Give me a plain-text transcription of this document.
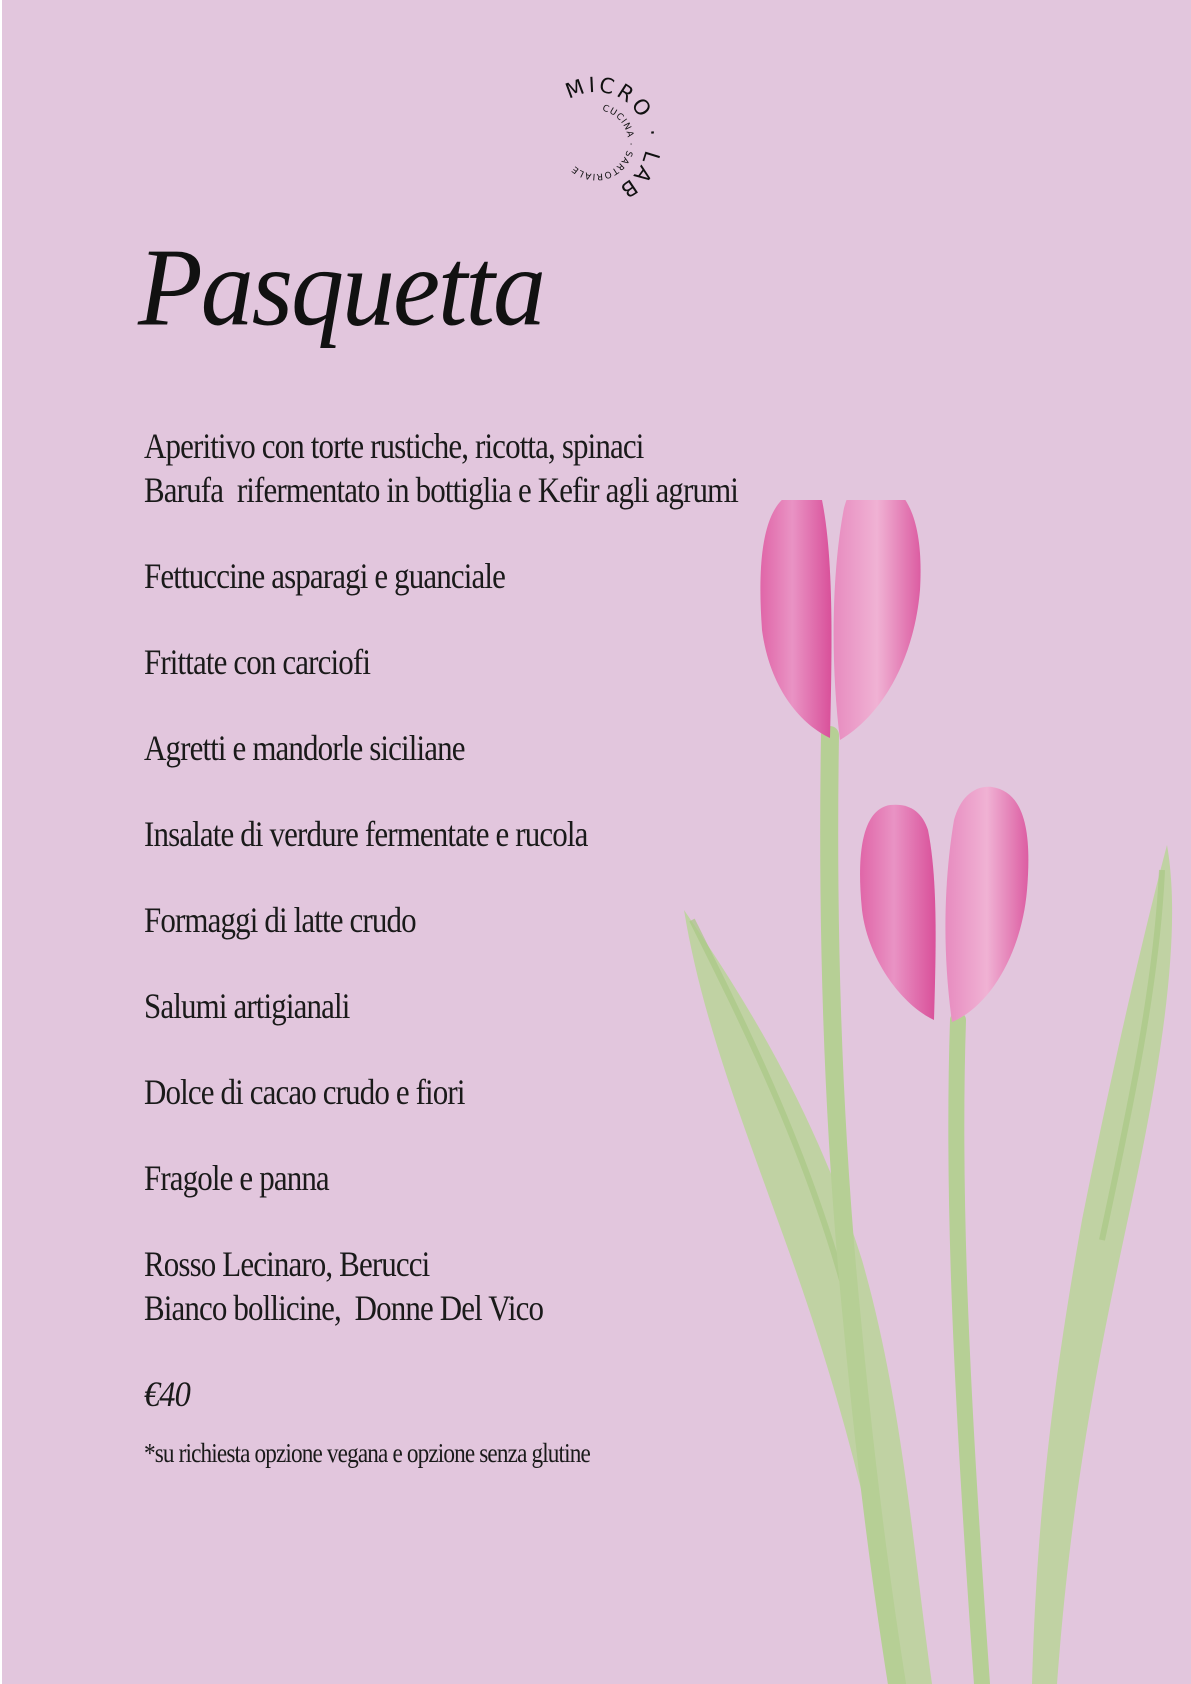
MICRO · LAB
CUCINA · SARTORIALE
Pasquetta
Aperitivo con torte rustiche, ricotta, spinaci
Barufa  rifermentato in bottiglia e Kefir agli agrumi
Fettuccine asparagi e guanciale
Frittate con carciofi
Agretti e mandorle siciliane
Insalate di verdure fermentate e rucola
Formaggi di latte crudo
Salumi artigianali
Dolce di cacao crudo e fiori
Fragole e panna
Rosso Lecinaro, Berucci
Bianco bollicine,  Donne Del Vico
€40
*su richiesta opzione vegana e opzione senza glutine
